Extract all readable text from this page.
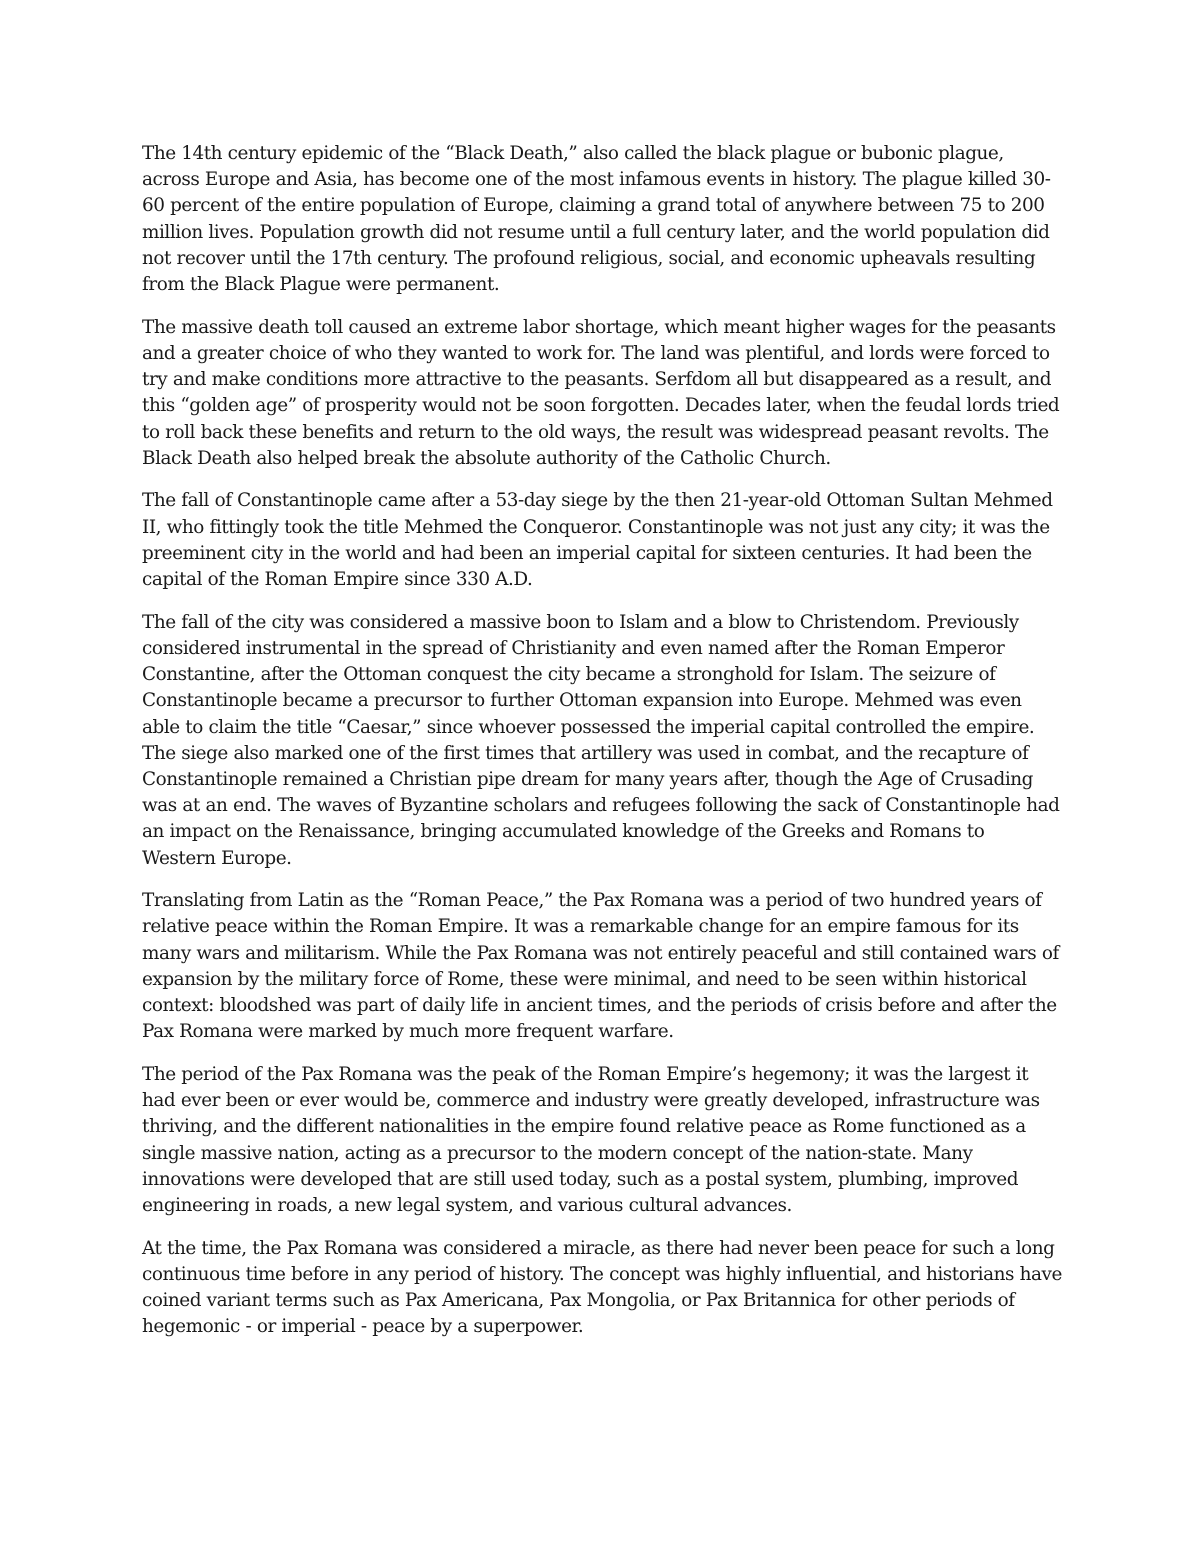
The 14th century epidemic of the “Black Death,” also called the black plague or bubonic plague, across Europe and Asia, has become one of the most infamous events in history. The plague killed 30-60 percent of the entire population of Europe, claiming a grand total of anywhere between 75 to 200 million lives. Population growth did not resume until a full century later, and the world population did not recover until the 17th century. The profound religious, social, and economic upheavals resulting from the Black Plague were permanent.

The massive death toll caused an extreme labor shortage, which meant higher wages for the peasants and a greater choice of who they wanted to work for. The land was plentiful, and lords were forced to try and make conditions more attractive to the peasants. Serfdom all but disappeared as a result, and this “golden age” of prosperity would not be soon forgotten. Decades later, when the feudal lords tried to roll back these benefits and return to the old ways, the result was widespread peasant revolts. The Black Death also helped break the absolute authority of the Catholic Church.

The fall of Constantinople came after a 53-day siege by the then 21-year-old Ottoman Sultan Mehmed II, who fittingly took the title Mehmed the Conqueror. Constantinople was not just any city; it was the preeminent city in the world and had been an imperial capital for sixteen centuries. It had been the capital of the Roman Empire since 330 A.D.

The fall of the city was considered a massive boon to Islam and a blow to Christendom. Previously considered instrumental in the spread of Christianity and even named after the Roman Emperor Constantine, after the Ottoman conquest the city became a stronghold for Islam. The seizure of Constantinople became a precursor to further Ottoman expansion into Europe. Mehmed was even able to claim the title “Caesar,” since whoever possessed the imperial capital controlled the empire. The siege also marked one of the first times that artillery was used in combat, and the recapture of Constantinople remained a Christian pipe dream for many years after, though the Age of Crusading was at an end. The waves of Byzantine scholars and refugees following the sack of Constantinople had an impact on the Renaissance, bringing accumulated knowledge of the Greeks and Romans to Western Europe.

Translating from Latin as the “Roman Peace,” the Pax Romana was a period of two hundred years of relative peace within the Roman Empire. It was a remarkable change for an empire famous for its many wars and militarism. While the Pax Romana was not entirely peaceful and still contained wars of expansion by the military force of Rome, these were minimal, and need to be seen within historical context: bloodshed was part of daily life in ancient times, and the periods of crisis before and after the Pax Romana were marked by much more frequent warfare.

The period of the Pax Romana was the peak of the Roman Empire’s hegemony; it was the largest it had ever been or ever would be, commerce and industry were greatly developed, infrastructure was thriving, and the different nationalities in the empire found relative peace as Rome functioned as a single massive nation, acting as a precursor to the modern concept of the nation-state. Many innovations were developed that are still used today, such as a postal system, plumbing, improved engineering in roads, a new legal system, and various cultural advances.

At the time, the Pax Romana was considered a miracle, as there had never been peace for such a long continuous time before in any period of history. The concept was highly influential, and historians have coined variant terms such as Pax Americana, Pax Mongolia, or Pax Britannica for other periods of hegemonic - or imperial - peace by a superpower.
